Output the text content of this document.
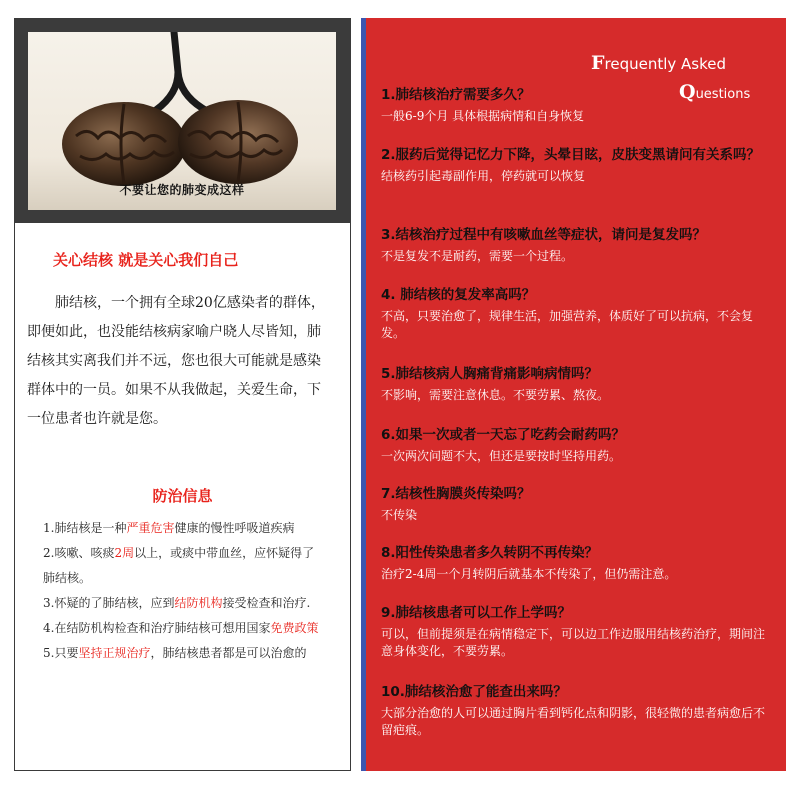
不要让您的肺变成这样
关心结核 就是关心我们自己

肺结核，一个拥有全球20亿感染者的群体，即便如此，也没能结核病家喻户晓人尽皆知，肺结核其实离我们并不远，您也很大可能就是感染群体中的一员。如果不从我做起，关爱生命，下一位患者也许就是您。

防治信息
1.肺结核是一种严重危害健康的慢性呼吸道疾病
2.咳嗽、咳痰2周以上，或痰中带血丝，应怀疑得了肺结核。
3.怀疑的了肺结核，应到结防机构接受检查和治疗.
4.在结防机构检查和治疗肺结核可想用国家免费政策
5.只要坚持正规治疗，肺结核患者都是可以治愈的
Frequently Asked
Questions

1.肺结核治疗需要多久？

一般6-9个月 具体根据病情和自身恢复

2.服药后觉得记忆力下降，头晕目眩，皮肤变黑请问有关系吗？

结核药引起毒副作用，停药就可以恢复

3.结核治疗过程中有咳嗽血丝等症状，请问是复发吗？

不是复发不是耐药，需要一个过程。

4. 肺结核的复发率高吗？

不高，只要治愈了，规律生活，加强营养，体质好了可以抗病，不会复发。

5.肺结核病人胸痛背痛影响病情吗？

不影响，需要注意休息。不要劳累、熬夜。

6.如果一次或者一天忘了吃药会耐药吗？

一次两次问题不大，但还是要按时坚持用药。

7.结核性胸膜炎传染吗？

不传染

8.阳性传染患者多久转阴不再传染？

治疗2-4周一个月转阴后就基本不传染了，但仍需注意。

9.肺结核患者可以工作上学吗？

可以，但前提须是在病情稳定下，可以边工作边服用结核药治疗，期间注意身体变化，不要劳累。

10.肺结核治愈了能查出来吗？

大部分治愈的人可以通过胸片看到钙化点和阴影，很轻微的患者病愈后不留疤痕。
